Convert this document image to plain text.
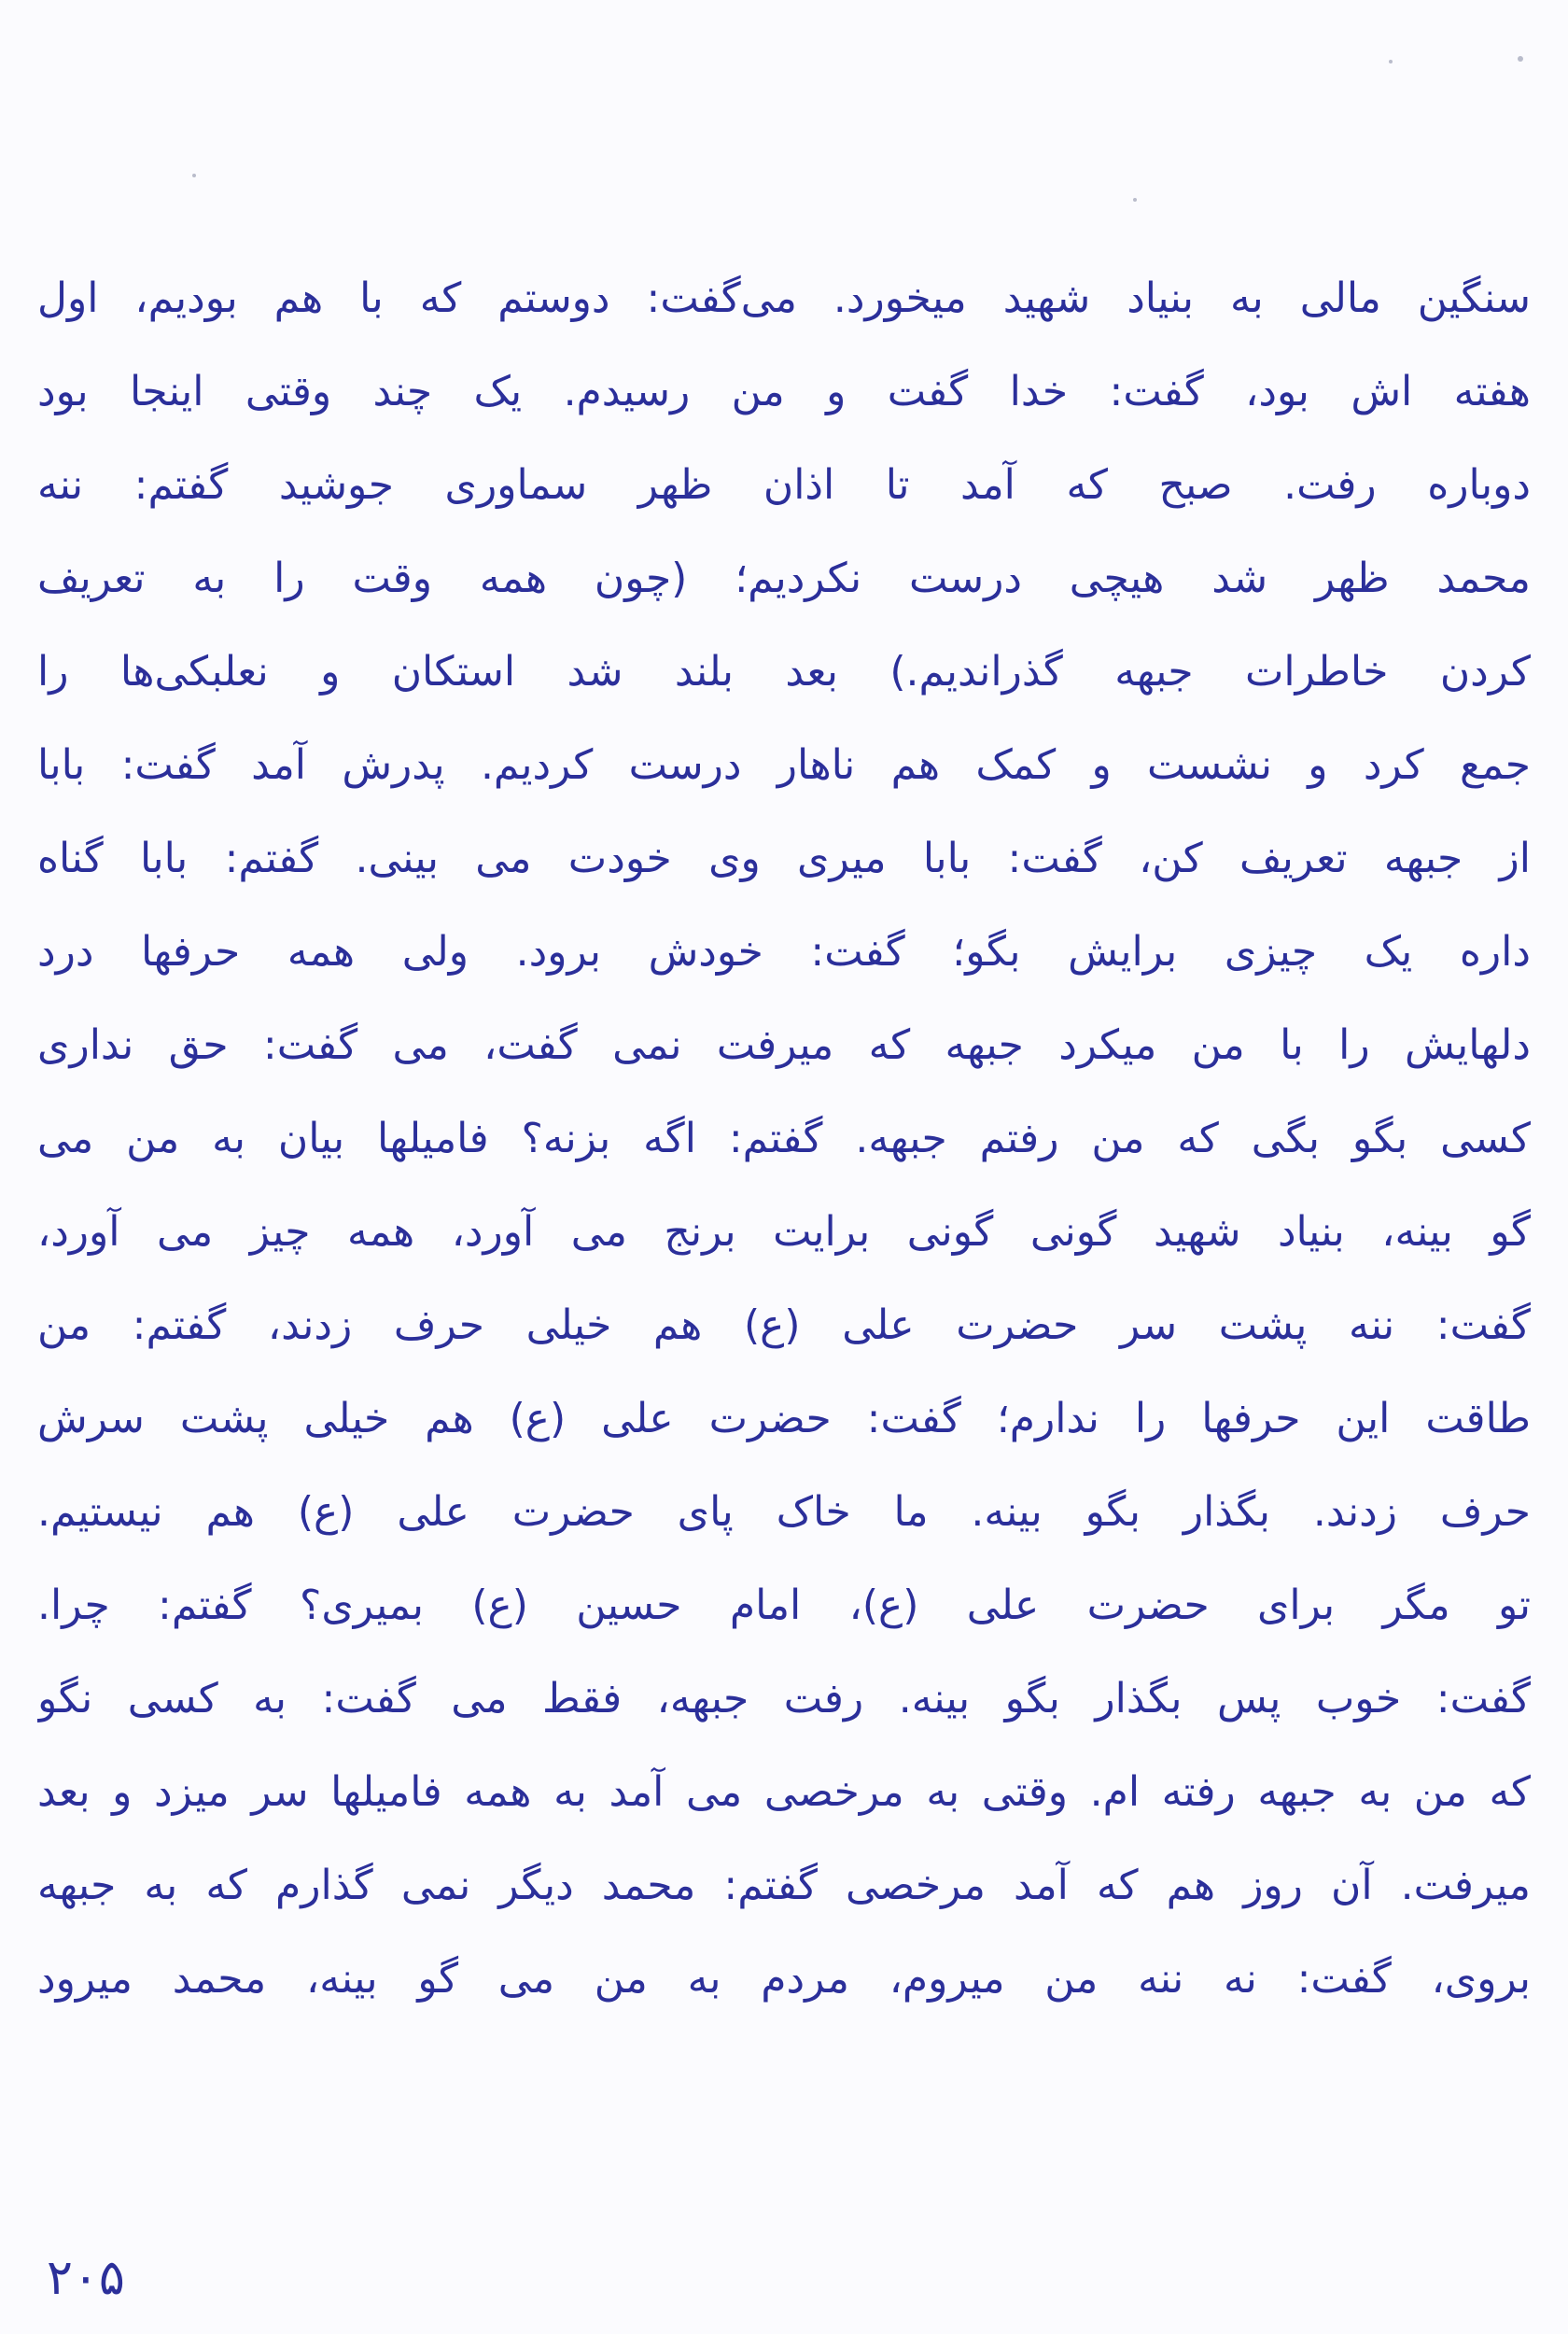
سنگین مالی به بنیاد شهید میخورد. می‌گفت: دوستم که با هم بودیم، اول
هفته اش بود، گفت: خدا گفت و من رسیدم. یک چند وقتی اینجا بود
دوباره رفت. صبح که آمد تا اذان ظهر سماوری جوشید گفتم: ننه
محمد ظهر شد هیچی درست نکردیم؛ (چون همه وقت را به تعریف
کردن خاطرات جبهه گذراندیم.) بعد بلند شد استکان و نعلبکی‌ها را
جمع کرد و نشست و کمک هم ناهار درست کردیم. پدرش آمد گفت: بابا
از جبهه تعریف کن، گفت: بابا میری وی خودت می بینی. گفتم: بابا گناه
داره یک چیزی برایش بگو؛ گفت: خودش برود. ولی همه حرفها درد
دلهایش را با من میکرد جبهه که میرفت نمی گفت، می گفت: حق نداری
کسی بگو بگی که من رفتم جبهه. گفتم: اگه بزنه؟ فامیلها بیان به من می
گو بینه، بنیاد شهید گونی گونی برایت برنج می آورد، همه چیز می آورد،
گفت: ننه پشت سر حضرت علی (ع) هم خیلی حرف زدند، گفتم: من
طاقت این حرفها را ندارم؛ گفت: حضرت علی (ع) هم خیلی پشت سرش
حرف زدند. بگذار بگو بینه. ما خاک پای حضرت علی (ع) هم نیستیم.
تو مگر برای حضرت علی (ع)، امام حسین (ع) بمیری؟ گفتم: چرا.
گفت: خوب پس بگذار بگو بینه. رفت جبهه، فقط می گفت: به کسی نگو
که من به جبهه رفته ام. وقتی به مرخصی می آمد به همه فامیلها سر میزد و بعد
میرفت. آن روز هم که آمد مرخصی گفتم: محمد دیگر نمی گذارم که به جبهه
بروی، گفت: نه ننه من میروم، مردم به من می گو بینه، محمد میرود
۲۰۵
